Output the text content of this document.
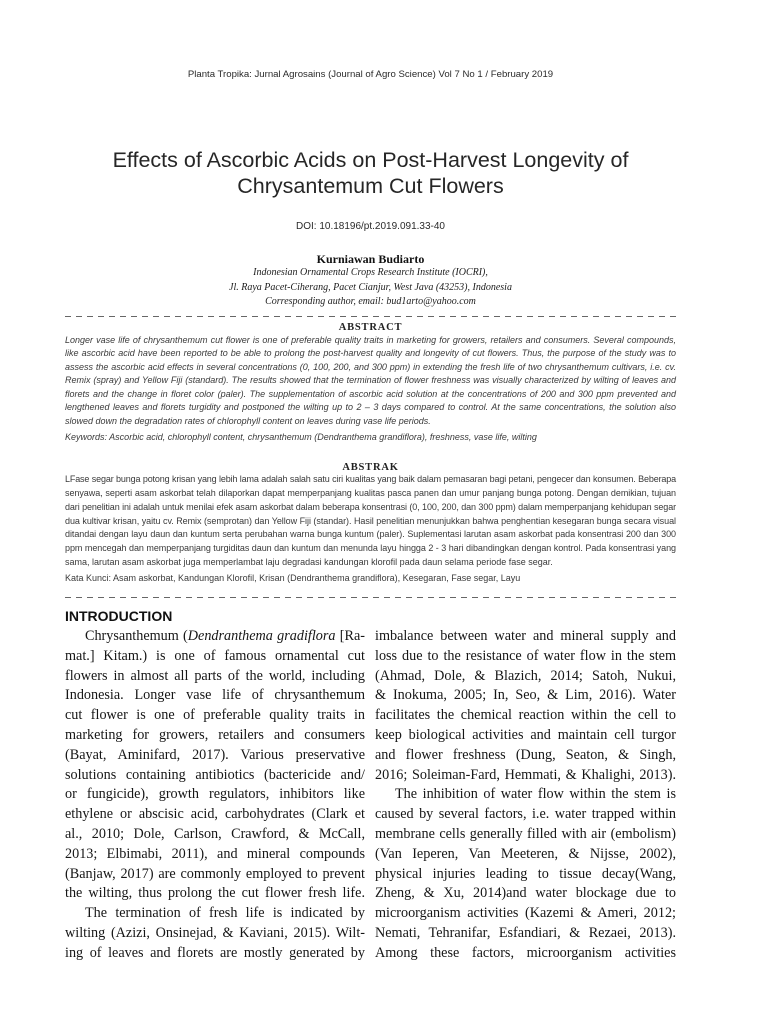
Planta Tropika: Jurnal Agrosains (Journal of Agro Science) Vol 7 No 1 / February 2019
Effects of Ascorbic Acids on Post-Harvest Longevity of
Chrysantemum Cut Flowers
DOI: 10.18196/pt.2019.091.33-40
Kurniawan Budiarto
Indonesian Ornamental Crops Research Institute (IOCRI),
Jl. Raya Pacet-Ciherang, Pacet Cianjur, West Java (43253), Indonesia
Corresponding author, email: bud1arto@yahoo.com
ABSTRACT
Longer vase life of chrysanthemum cut flower is one of preferable quality traits in marketing for growers, retailers and consumers. Several compounds,
like ascorbic acid have been reported to be able to prolong the post-harvest quality and longevity of cut flowers. Thus, the purpose of the study was to
assess the ascorbic acid effects in several concentrations (0, 100, 200, and 300 ppm) in extending the fresh life of two chrysanthemum cultivars, i.e. cv.
Remix (spray) and Yellow Fiji (standard). The results showed that the termination of flower freshness was visually characterized by wilting of leaves and
florets and the change in floret color (paler). The supplementation of ascorbic acid solution at the concentrations of 200 and 300 ppm prevented and
lengthened leaves and florets turgidity and postponed the wilting up to 2 – 3 days compared to control. At the same concentrations, the solution also
slowed down the degradation rates of chlorophyll content on leaves during vase life periods.
Keywords: Ascorbic acid, chlorophyll content, chrysanthemum (Dendranthema grandiflora), freshness, vase life, wilting
ABSTRAK
LFase segar bunga potong krisan yang lebih lama adalah salah satu ciri kualitas yang baik dalam pemasaran bagi petani, pengecer dan konsumen. Beberapa
senyawa, seperti asam askorbat telah dilaporkan dapat memperpanjang kualitas pasca panen dan umur panjang bunga potong. Dengan demikian, tujuan
dari penelitian ini adalah untuk menilai efek asam askorbat dalam beberapa konsentrasi (0, 100, 200, dan 300 ppm) dalam memperpanjang kehidupan segar
dua kultivar krisan, yaitu cv. Remix (semprotan) dan Yellow Fiji (standar). Hasil penelitian menunjukkan bahwa penghentian kesegaran bunga secara visual
ditandai dengan layu daun dan kuntum serta perubahan warna bunga kuntum (paler). Suplementasi larutan asam askorbat pada konsentrasi 200 dan 300
ppm mencegah dan memperpanjang turgiditas daun dan kuntum dan menunda layu hingga 2 - 3 hari dibandingkan dengan kontrol. Pada konsentrasi yang
sama, larutan asam askorbat juga memperlambat laju degradasi kandungan klorofil pada daun selama periode fase segar.
Kata Kunci: Asam askorbat, Kandungan Klorofil, Krisan (Dendranthema grandiflora), Kesegaran, Fase segar, Layu
INTRODUCTION
Chrysanthemum (Dendranthema gradiflora [Ra-
mat.] Kitam.) is one of famous ornamental cut
flowers in almost all parts of the world, including
Indonesia. Longer vase life of chrysanthemum
cut flower is one of preferable quality traits in
marketing for growers, retailers and consumers
(Bayat, Aminifard, 2017). Various preservative
solutions containing antibiotics (bactericide and/
or fungicide), growth regulators, inhibitors like
ethylene or abscisic acid, carbohydrates (Clark et
al., 2010; Dole, Carlson, Crawford, & McCall,
2013; Elbimabi, 2011), and mineral compounds
(Banjaw, 2017) are commonly employed to prevent
the wilting, thus prolong the cut flower fresh life.
The termination of fresh life is indicated by
wilting (Azizi, Onsinejad, & Kaviani, 2015). Wilt-
ing of leaves and florets are mostly generated by
imbalance between water and mineral supply and
loss due to the resistance of water flow in the stem
(Ahmad, Dole, & Blazich, 2014; Satoh, Nukui,
& Inokuma, 2005; In, Seo, & Lim, 2016). Water
facilitates the chemical reaction within the cell to
keep biological activities and maintain cell turgor
and flower freshness (Dung, Seaton, & Singh,
2016; Soleiman-Fard, Hemmati, & Khalighi, 2013).
The inhibition of water flow within the stem is
caused by several factors, i.e. water trapped within
membrane cells generally filled with air (embolism)
(Van Ieperen, Van Meeteren, & Nijsse, 2002),
physical injuries leading to tissue decay(Wang,
Zheng, & Xu, 2014)and water blockage due to
microorganism activities (Kazemi & Ameri, 2012;
Nemati, Tehranifar, Esfandiari, & Rezaei, 2013).
Among these factors, microorganism activities
